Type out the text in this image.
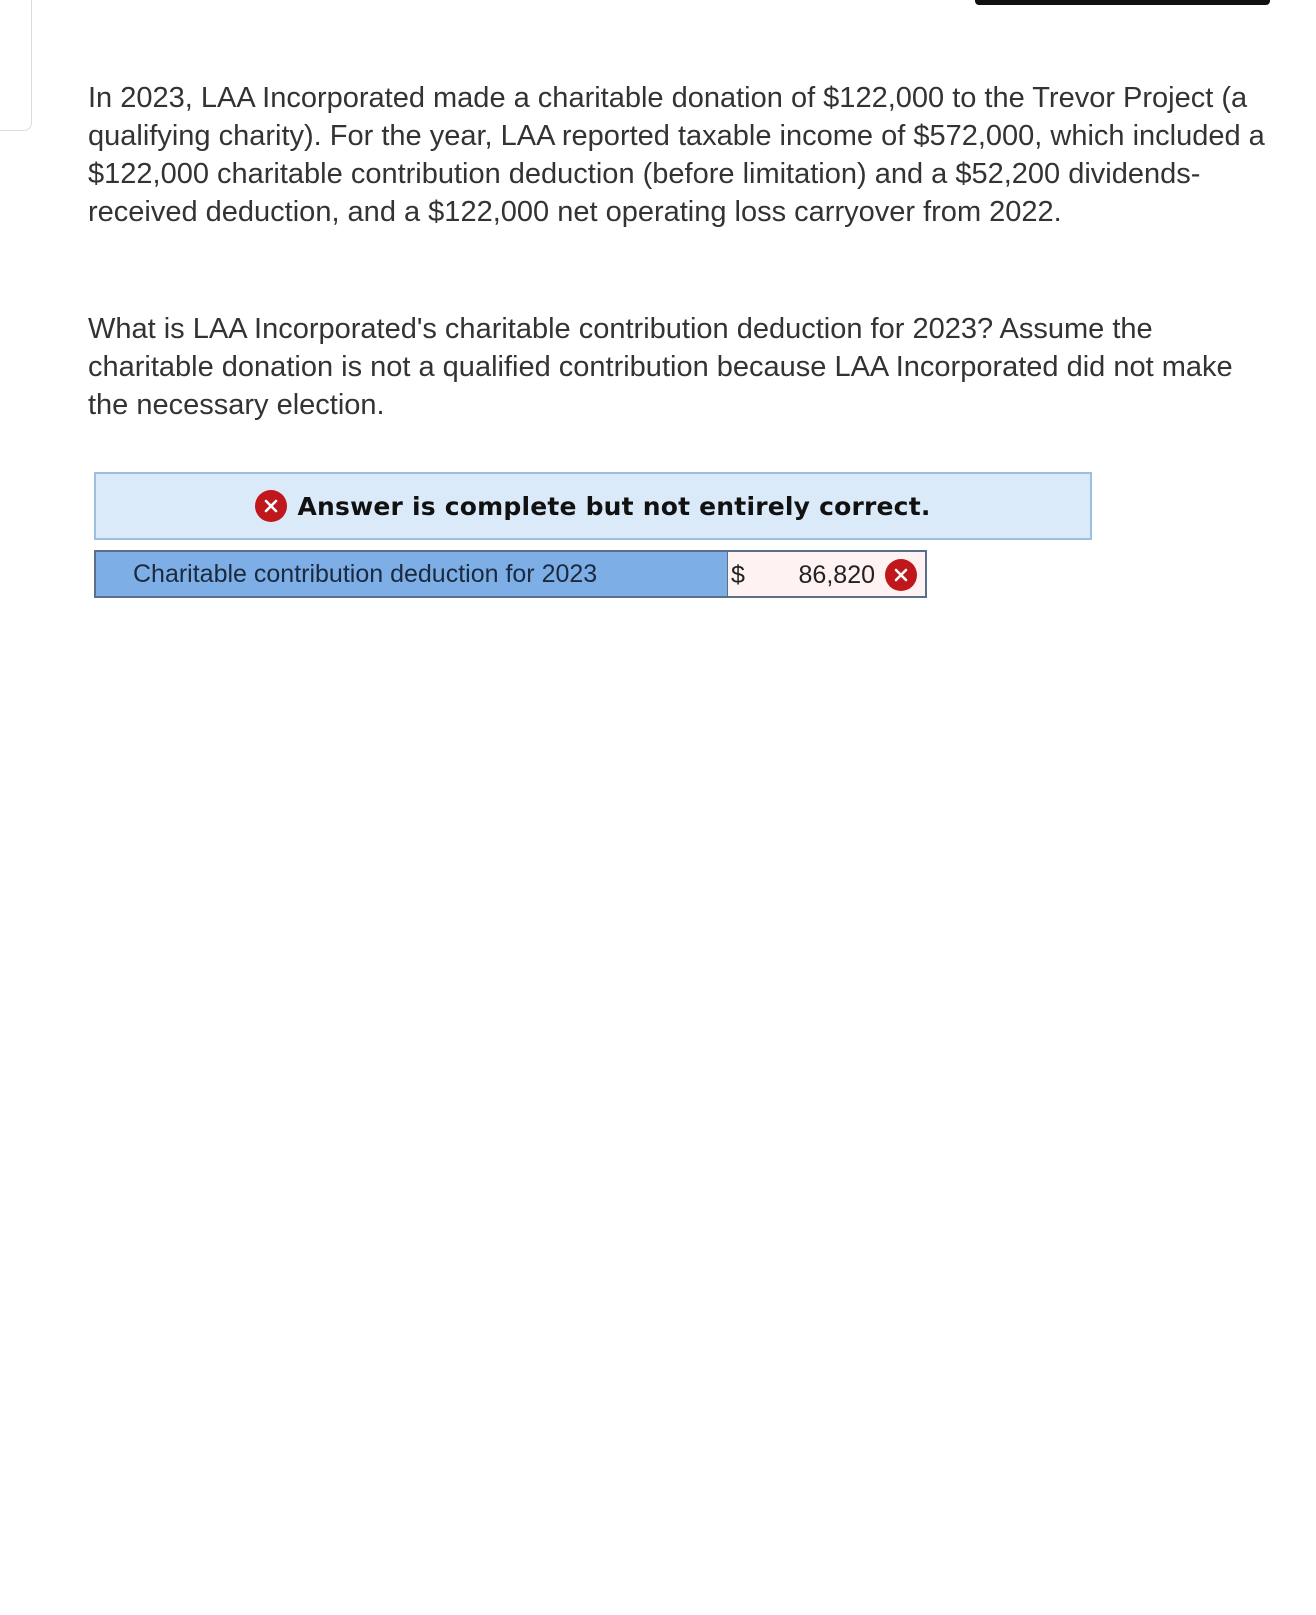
In 2023, LAA Incorporated made a charitable donation of $122,000 to the Trevor Project (a qualifying charity). For the year, LAA reported taxable income of $572,000, which included a $122,000 charitable contribution deduction (before limitation) and a $52,200 dividends-received deduction, and a $122,000 net operating loss carryover from 2022.

What is LAA Incorporated's charitable contribution deduction for 2023? Assume the charitable donation is not a qualified contribution because LAA Incorporated did not make the necessary election.

Answer is complete but not entirely correct.
Charitable contribution deduction for 2023	$ 86,820
